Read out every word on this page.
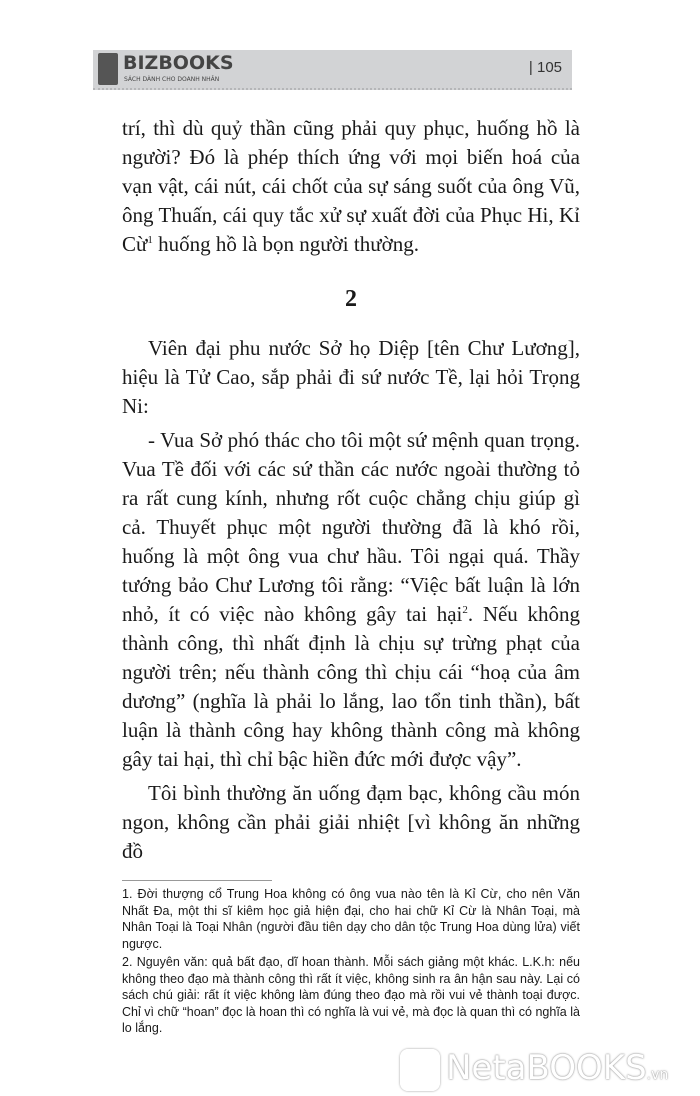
BIZBOOKS
SÁCH DÀNH CHO DOANH NHÂN
| 105

trí, thì dù quỷ thần cũng phải quy phục, huống hồ là người? Đó là phép thích ứng với mọi biến hoá của vạn vật, cái nút, cái chốt của sự sáng suốt của ông Vũ, ông Thuấn, cái quy tắc xử sự xuất đời của Phục Hi, Kỉ Cừ$^1$ huống hồ là bọn người thường.

2

Viên đại phu nước Sở họ Diệp [tên Chư Lương], hiệu là Tử Cao, sắp phải đi sứ nước Tề, lại hỏi Trọng Ni:

- Vua Sở phó thác cho tôi một sứ mệnh quan trọng. Vua Tề đối với các sứ thần các nước ngoài thường tỏ ra rất cung kính, nhưng rốt cuộc chẳng chịu giúp gì cả. Thuyết phục một người thường đã là khó rồi, huống là một ông vua chư hầu. Tôi ngại quá. Thầy tướng bảo Chư Lương tôi rằng: “Việc bất luận là lớn nhỏ, ít có việc nào không gây tai hại$^2$. Nếu không thành công, thì nhất định là chịu sự trừng phạt của người trên; nếu thành công thì chịu cái “hoạ của âm dương” (nghĩa là phải lo lắng, lao tổn tinh thần), bất luận là thành công hay không thành công mà không gây tai hại, thì chỉ bậc hiền đức mới được vậy”.

Tôi bình thường ăn uống đạm bạc, không cầu món ngon, không cần phải giải nhiệt [vì không ăn những đồ

1. Đời thượng cổ Trung Hoa không có ông vua nào tên là Kỉ Cừ, cho nên Văn Nhất Đa, một thi sĩ kiêm học giả hiện đại, cho hai chữ Kỉ Cừ là Nhân Toại, mà Nhân Toại là Toại Nhân (người đầu tiên dạy cho dân tộc Trung Hoa dùng lửa) viết ngược.

2. Nguyên văn: quả bất đạo, dĩ hoan thành. Mỗi sách giảng một khác. L.K.h: nếu không theo đạo mà thành công thì rất ít việc, không sinh ra ân hận sau này. Lại có sách chú giải: rất ít việc không làm đúng theo đạo mà rồi vui vẻ thành toại được. Chỉ vì chữ “hoan” đọc là hoan thì có nghĩa là vui vẻ, mà đọc là quan thì có nghĩa là lo lắng.

NetaBOOKS.vn
